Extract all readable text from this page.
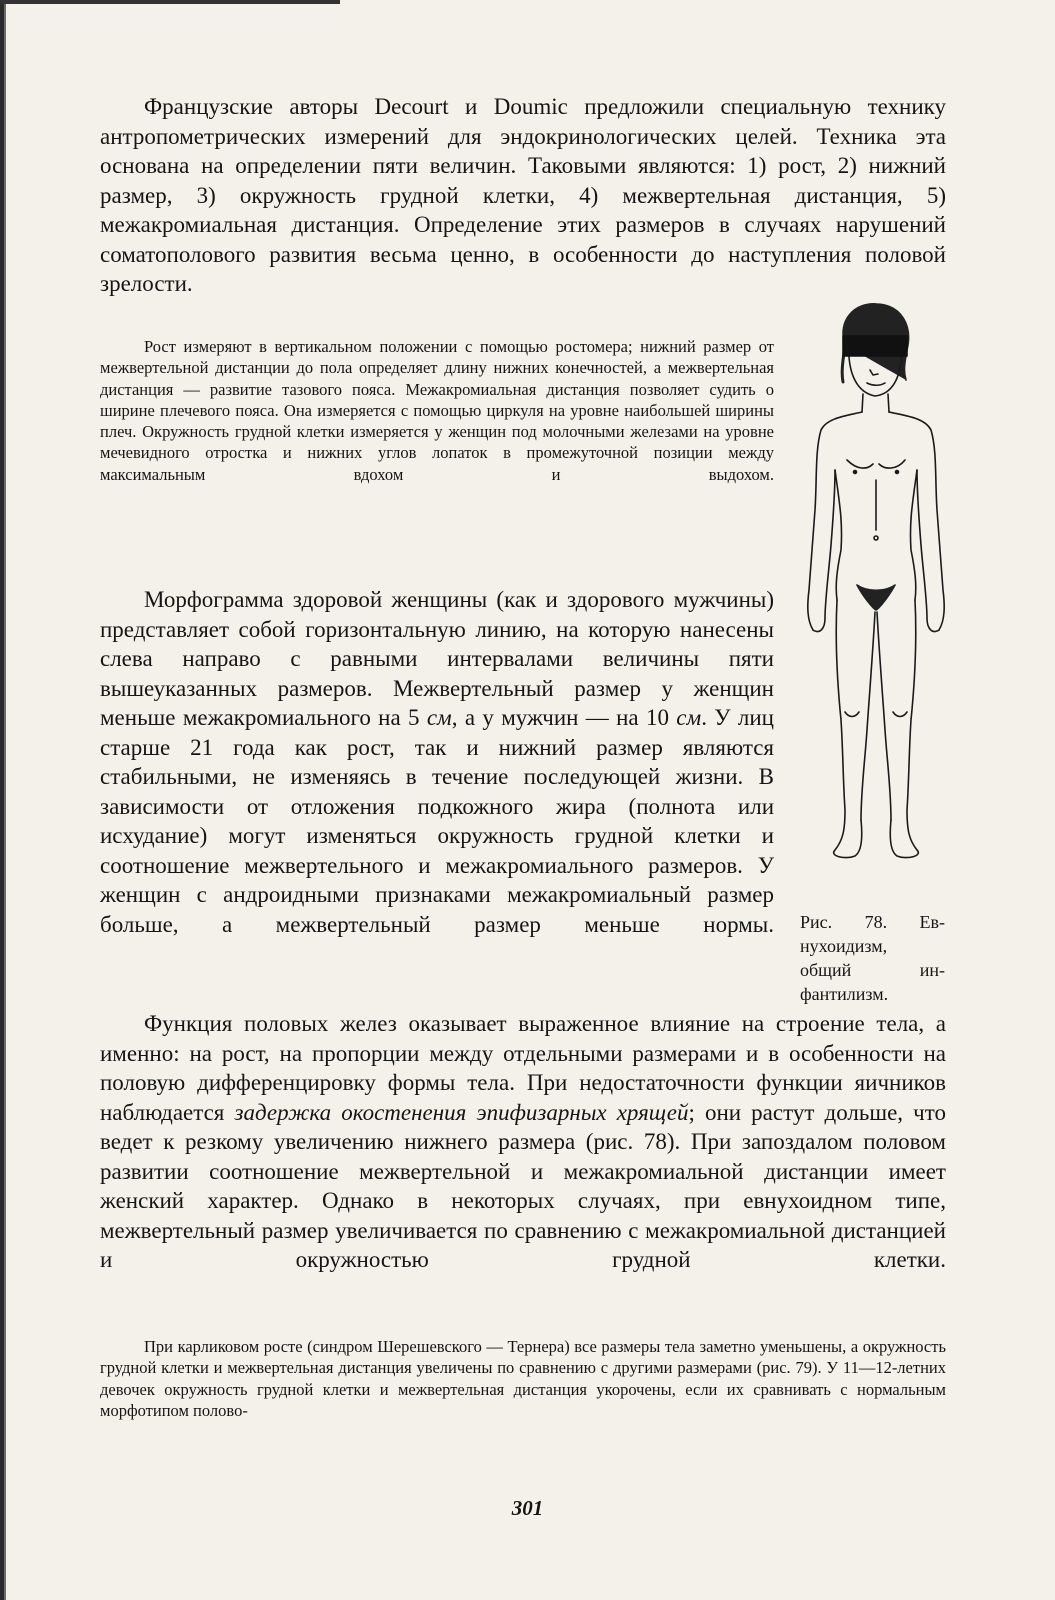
Французские авторы Decourt и Doumic предложили специальную технику антропометрических измерений для эндокринологических целей. Техника эта основана на определении пяти величин. Таковыми являются: 1) рост, 2) нижний размер, 3) окружность грудной клетки, 4) межвертельная дистанция, 5) межакромиальная дистанция. Определение этих размеров в случаях нарушений соматополового развития весьма ценно, в особенности до наступления половой зрелости.

Рост измеряют в вертикальном положении с помощью ростомера; нижний размер от межвертельной дистанции до пола определяет длину нижних конечностей, а межвертельная дистанция — развитие тазового пояса. Межакромиальная дистанция позволяет судить о ширине плечевого пояса. Она измеряется с помощью циркуля на уровне наибольшей ширины плеч. Окружность грудной клетки измеряется у женщин под молочными железами на уровне мечевидного отростка и нижних углов лопаток в промежуточной позиции между максимальным вдохом и выдохом.

Морфограмма здоровой женщины (как и здорового мужчины) представляет собой горизонтальную линию, на которую нанесены слева направо с равными интервалами величины пяти вышеуказанных размеров. Межвертельный размер у женщин меньше межакромиального на 5 см, а у мужчин — на 10 см. У лиц старше 21 года как рост, так и нижний размер являются стабильными, не изменяясь в течение последующей жизни. В зависимости от отложения подкожного жира (полнота или исхудание) могут изменяться окружность грудной клетки и соотношение межвертельного и межакромиального размеров. У женщин с андроидными признаками межакромиальный размер больше, а межвертельный размер меньше нормы.

Функция половых желез оказывает выраженное влияние на строение тела, а именно: на рост, на пропорции между отдельными размерами и в особенности на половую дифференцировку формы тела. При недостаточности функции яичников наблюдается задержка окостенения эпифизарных хрящей; они растут дольше, что ведет к резкому увеличению нижнего размера (рис. 78). При запоздалом половом развитии соотношение межвертельной и межакромиальной дистанции имеет женский характер. Однако в некоторых случаях, при евнухоидном типе, межвертельный размер увеличивается по сравнению с межакромиальной дистанцией и окружностью грудной клетки.

При карликовом росте (синдром Шерешевского — Тернера) все размеры тела заметно уменьшены, а окружность грудной клетки и межвертельная дистанция увеличены по сравнению с другими размерами (рис. 79). У 11—12-летних девочек окружность грудной клетки и межвертельная дистанция укорочены, если их сравнивать с нормальным морфотипом полово-

Рис. 78. Ев-
нухоидизм,
общий ин-
фантилизм.

301
